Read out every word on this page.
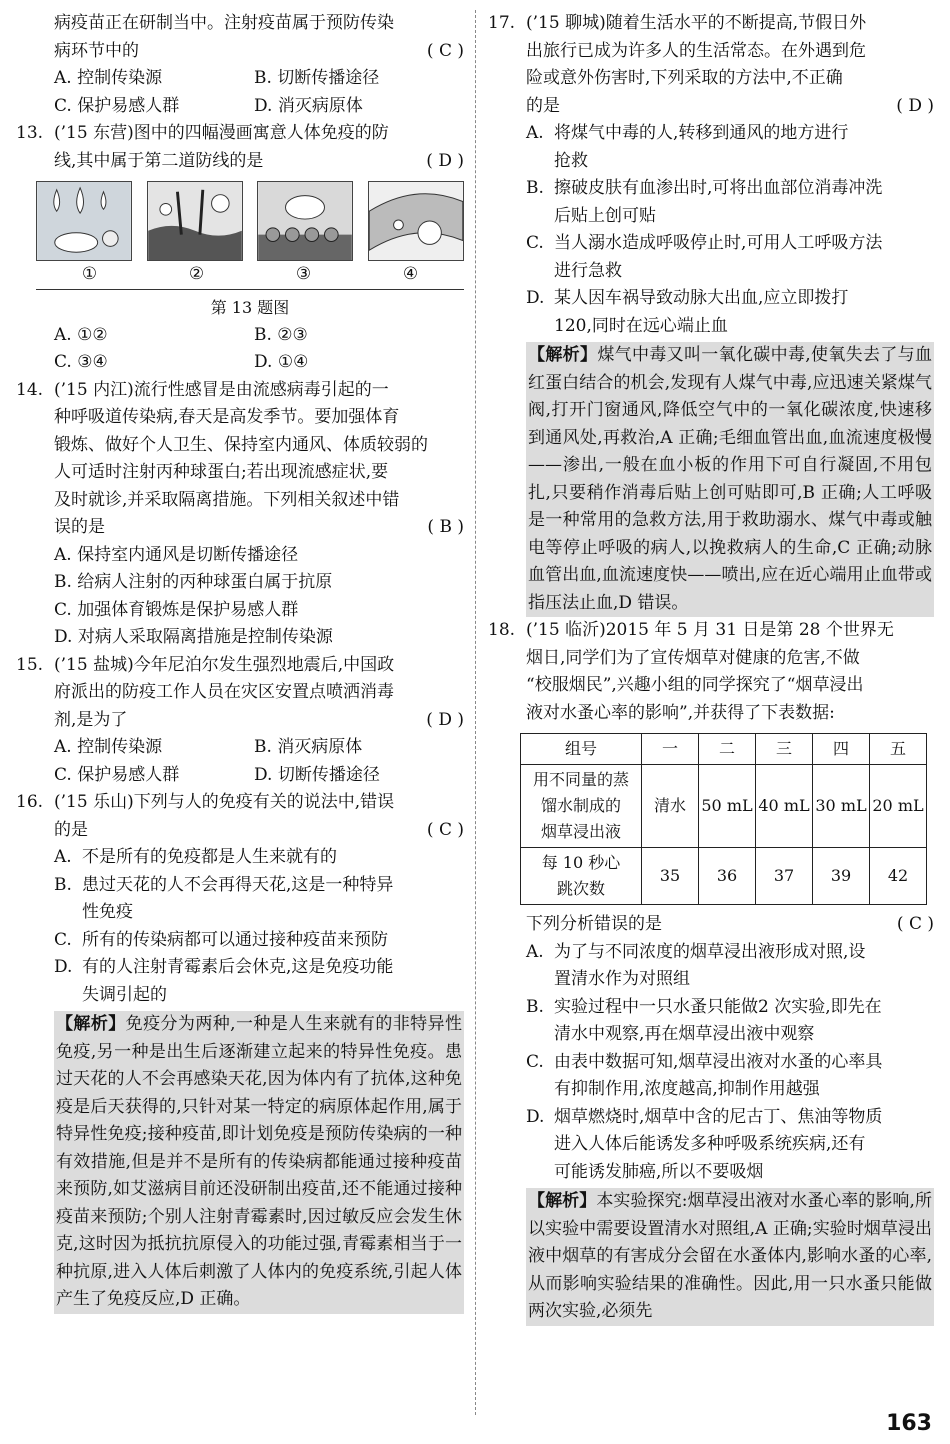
病疫苗正在研制当中。注射疫苗属于预防传染

病环节中的	( C )
A. 控制传染源	B. 切断传播途径
C. 保护易感人群	D. 消灭病原体
13. (’15 东营)图中的四幅漫画寓意人体免疫的防

线,其中属于第二道防线的是	( D )
①	②	③	④

第 13 题图

A. ①②	B. ②③
C. ③④	D. ①④
14. (’15 内江)流行性感冒是由流感病毒引起的一

种呼吸道传染病,春天是高发季节。要加强体育

锻炼、做好个人卫生、保持室内通风、体质较弱的

人可适时注射丙种球蛋白;若出现流感症状,要

及时就诊,并采取隔离措施。下列相关叙述中错

误的是	( B )

A. 保持室内通风是切断传播途径

B. 给病人注射的丙种球蛋白属于抗原

C. 加强体育锻炼是保护易感人群

D. 对病人采取隔离措施是控制传染源

15. (’15 盐城)今年尼泊尔发生强烈地震后,中国政

府派出的防疫工作人员在灾区安置点喷洒消毒

剂,是为了	( D )
A. 控制传染源	B. 消灭病原体
C. 保护易感人群	D. 切断传播途径
16. (’15 乐山)下列与人的免疫有关的说法中,错误

的是	( C )
A. 不是所有的免疫都是人生来就有的

B. 患过天花的人不会再得天花,这是一种特异

性免疫

C. 所有的传染病都可以通过接种疫苗来预防

D. 有的人注射青霉素后会休克,这是免疫功能

失调引起的

【解析】免疫分为两种,一种是人生来就有的非特异性免疫,另一种是出生后逐渐建立起来的特异性免疫。患过天花的人不会再感染天花,因为体内有了抗体,这种免疫是后天获得的,只针对某一特定的病原体起作用,属于特异性免疫;接种疫苗,即计划免疫是预防传染病的一种有效措施,但是并不是所有的传染病都能通过接种疫苗来预防,如艾滋病目前还没研制出疫苗,还不能通过接种疫苗来预防;个别人注射青霉素时,因过敏反应会发生休克,这时因为抵抗抗原侵入的功能过强,青霉素相当于一种抗原,进入人体后刺激了人体内的免疫系统,引起人体产生了免疫反应,D 正确。
17. (’15 聊城)随着生活水平的不断提高,节假日外

出旅行已成为许多人的生活常态。在外遇到危

险或意外伤害时,下列采取的方法中,不正确

的是	( D )
A. 将煤气中毒的人,转移到通风的地方进行

抢救

B. 擦破皮肤有血渗出时,可将出血部位消毒冲洗

后贴上创可贴

C. 当人溺水造成呼吸停止时,可用人工呼吸方法

进行急救

D. 某人因车祸导致动脉大出血,应立即拨打

120,同时在远心端止血

【解析】煤气中毒又叫一氧化碳中毒,使氧失去了与血红蛋白结合的机会,发现有人煤气中毒,应迅速关紧煤气阀,打开门窗通风,降低空气中的一氧化碳浓度,快速移到通风处,再救治,A 正确;毛细血管出血,血流速度极慢——渗出,一般在血小板的作用下可自行凝固,不用包扎,只要稍作消毒后贴上创可贴即可,B 正确;人工呼吸是一种常用的急救方法,用于救助溺水、煤气中毒或触电等停止呼吸的病人,以挽救病人的生命,C 正确;动脉血管出血,血流速度快——喷出,应在近心端用止血带或指压法止血,D 错误。
18. (’15 临沂)2015 年 5 月 31 日是第 28 个世界无

烟日,同学们为了宣传烟草对健康的危害,不做

“校服烟民”,兴趣小组的同学探究了“烟草浸出

液对水蚤心率的影响”,并获得了下表数据:

组号	一	二	三	四	五

用不同量的蒸
馏水制成的
烟草浸出液	清水	50 mL	40 mL	30 mL	20 mL

每 10 秒心
跳次数	35	36	37	39	42
下列分析错误的是	( C )
A. 为了与不同浓度的烟草浸出液形成对照,设

置清水作为对照组

B. 实验过程中一只水蚤只能做2 次实验,即先在

清水中观察,再在烟草浸出液中观察

C. 由表中数据可知,烟草浸出液对水蚤的心率具

有抑制作用,浓度越高,抑制作用越强

D. 烟草燃烧时,烟草中含的尼古丁、焦油等物质

进入人体后能诱发多种呼吸系统疾病,还有

可能诱发肺癌,所以不要吸烟

【解析】本实验探究:烟草浸出液对水蚤心率的影响,所以实验中需要设置清水对照组,A 正确;实验时烟草浸出液中烟草的有害成分会留在水蚤体内,影响水蚤的心率,从而影响实验结果的准确性。因此,用一只水蚤只能做两次实验,必须先
163
